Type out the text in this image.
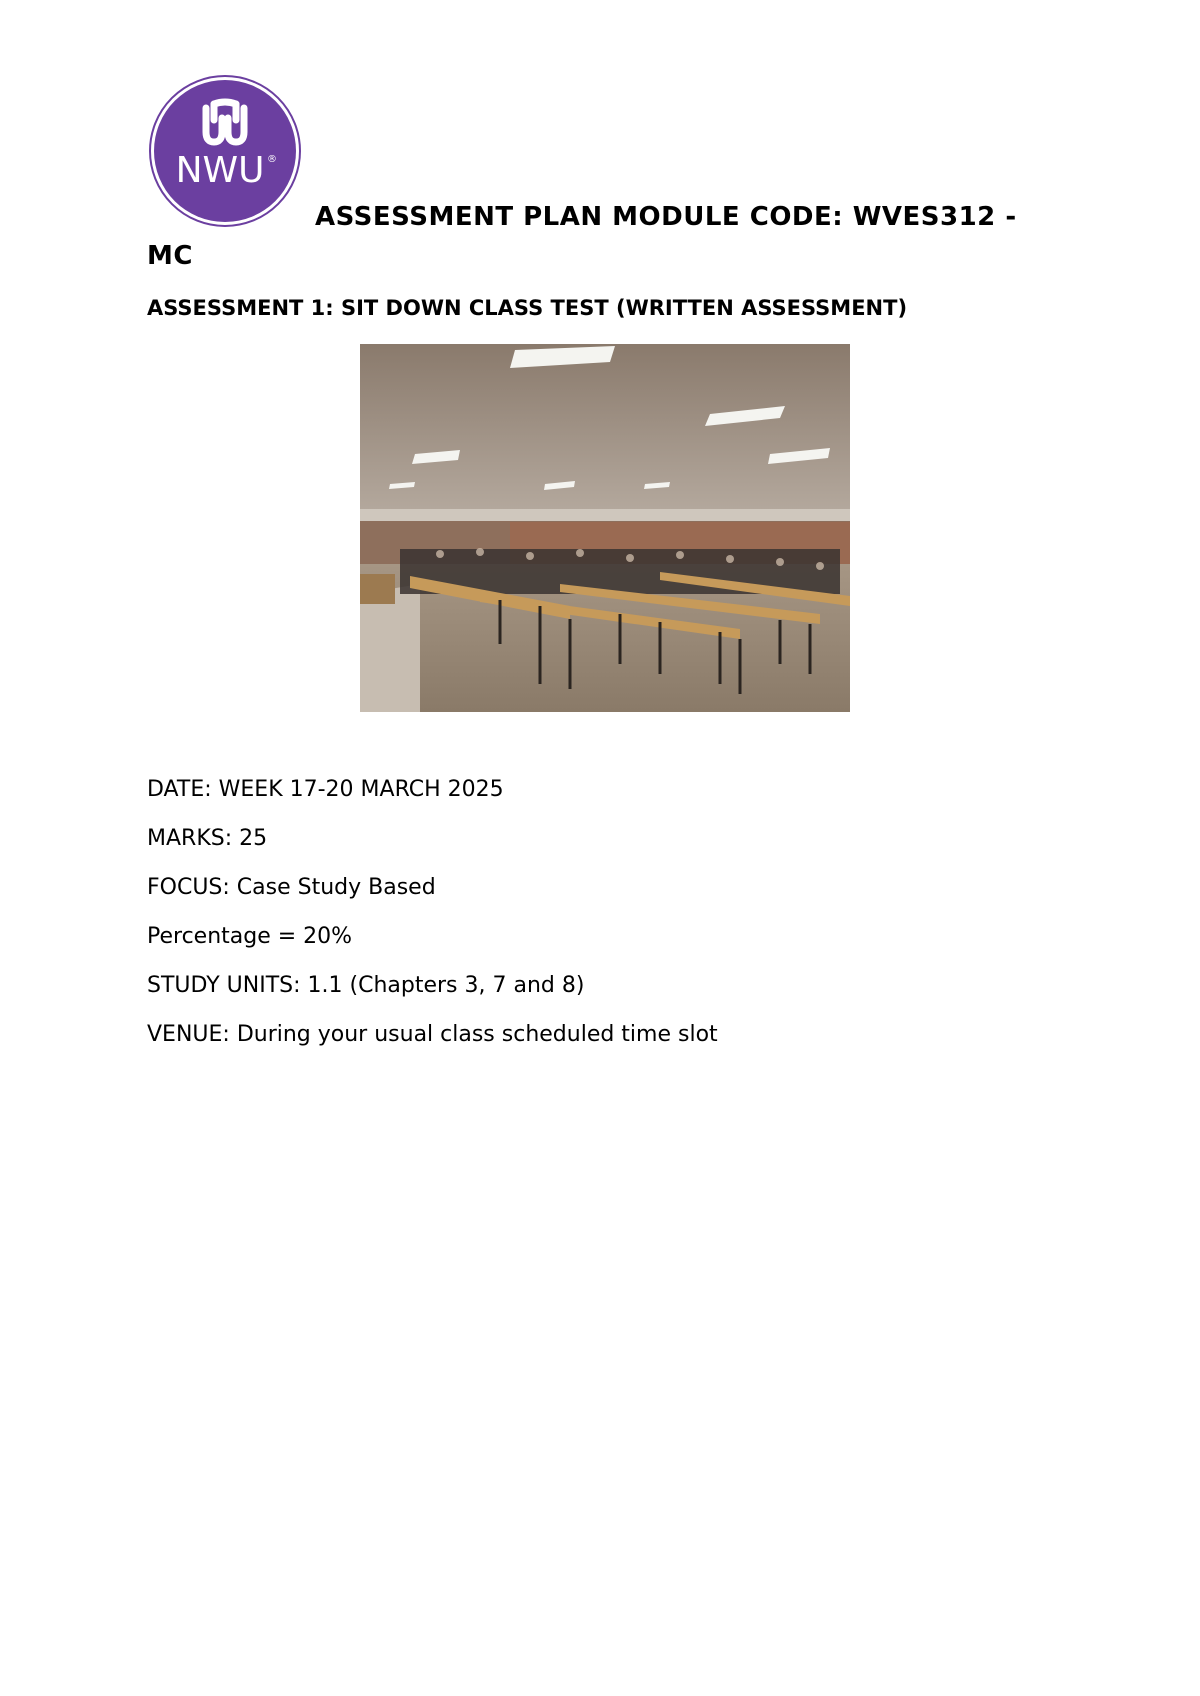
NWU ®
ASSESSMENT PLAN MODULE CODE: WVES312 -
MC
ASSESSMENT 1: SIT DOWN CLASS TEST (WRITTEN ASSESSMENT)
DATE: WEEK 17-20 MARCH 2025
MARKS: 25
FOCUS: Case Study Based
Percentage = 20%
STUDY UNITS: 1.1 (Chapters 3, 7 and 8)
VENUE: During your usual class scheduled time slot
